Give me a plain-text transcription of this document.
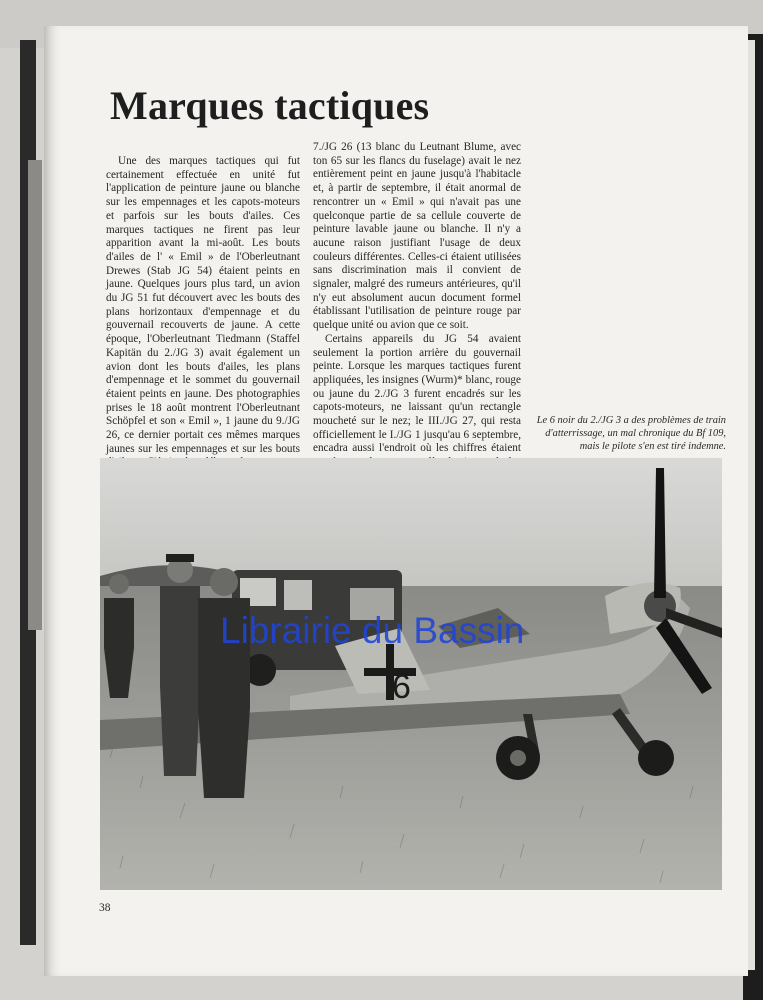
Marques tactiques

Une des marques tactiques qui fut certainement effectuée en unité fut l'application de peinture jaune ou blanche sur les empennages et les capots-moteurs et parfois sur les bouts d'ailes. Ces marques tactiques ne firent pas leur apparition avant la mi-août. Les bouts d'ailes de l' « Emil » de l'Oberleutnant Drewes (Stab JG 54) étaient peints en jaune. Quelques jours plus tard, un avion du JG 51 fut découvert avec les bouts des plans horizontaux d'empennage et du gouvernail recouverts de jaune. A cette époque, l'Oberleutnant Tiedmann (Staffel Kapitän du 2./JG 3) avait également un avion dont les bouts d'ailes, les plans d'empennage et le sommet du gouvernail étaient peints en jaune. Des photographies prises le 18 août montrent l'Oberleutnant Schöpfel et son « Emil », 1 jaune du 9./JG 26, ce dernier portait ces mêmes marques jaunes sur les empennages et sur les bouts

7./JG 26 (13 blanc du Leutnant Blume, avec ton 65 sur les flancs du fuselage) avait le nez entièrement peint en jaune jusqu'à l'habitacle et, à partir de septembre, il était anormal de rencontrer un « Emil » qui n'avait pas une quelconque partie de sa cellule couverte de peinture lavable jaune ou blanche. Il n'y a aucune raison justifiant l'usage de deux couleurs différentes. Celles-ci étaient utilisées sans discrimination mais il convient de signaler, malgré des rumeurs antérieures, qu'il n'y eut absolument aucun document formel établissant l'utilisation de peinture rouge par quelque unité ou avion que ce soit.

Certains appareils du JG 54 avaient seulement la portion arrière du gouvernail peinte. Lorsque les marques tactiques furent appliquées, les insignes (Wurm)* blanc, rouge ou jaune du 2./JG 3 furent encadrés sur les capots-moteurs, ne laissant qu'un rectangle moucheté sur le nez; le III./JG 27, qui resta officiellement le I./JG 1 jusqu'au 6 septembre, encadra aussi l'endroit où les chiffres étaient

Le 6 noir du 2./JG 3 a des problèmes de train d'atterrissage, un mal chronique du Bf 109, mais le pilote s'en est tiré indemne.

6
Librairie du Bassin

38
